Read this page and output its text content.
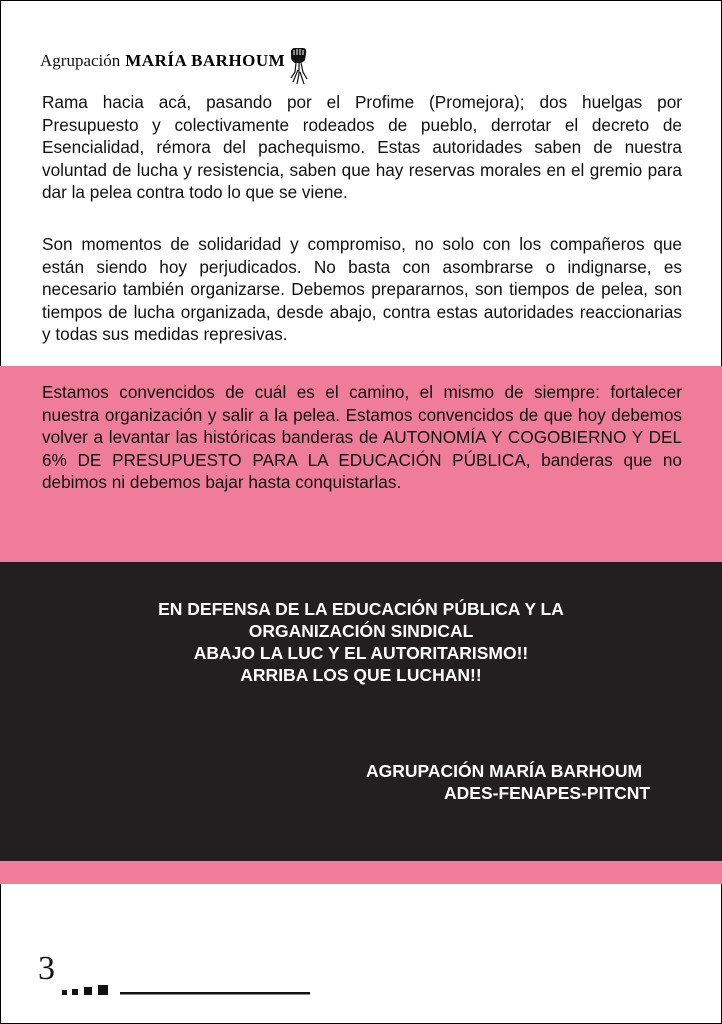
Agrupación MARÍA BARHOUM

Rama hacia acá, pasando por el Profime (Promejora); dos huelgas por Presupuesto y colectivamente rodeados de pueblo, derrotar el decreto de Esencialidad, rémora del pachequismo. Estas autoridades saben de nuestra voluntad de lucha y resistencia, saben que hay reservas morales en el gremio para dar la pelea contra todo lo que se viene.

Son momentos de solidaridad y compromiso, no solo con los compañeros que están siendo hoy perjudicados. No basta con asombrarse o indignarse, es necesario también organizarse. Debemos prepararnos, son tiempos de pelea, son tiempos de lucha organizada, desde abajo, contra estas autoridades reaccionarias y todas sus medidas represivas.

Estamos convencidos de cuál es el camino, el mismo de siempre: fortalecer nuestra organización y salir a la pelea. Estamos convencidos de que hoy debemos volver a levantar las históricas banderas de AUTONOMÍA Y COGOBIERNO Y DEL 6% DE PRESUPUESTO PARA LA EDUCACIÓN PÚBLICA, banderas que no debimos ni debemos bajar hasta conquistarlas.

EN DEFENSA DE LA EDUCACIÓN PÚBLICA Y LA
ORGANIZACIÓN SINDICAL
ABAJO LA LUC Y EL AUTORITARISMO!!
ARRIBA LOS QUE LUCHAN!!
AGRUPACIÓN MARÍA BARHOUM
ADES-FENAPES-PITCNT
3
